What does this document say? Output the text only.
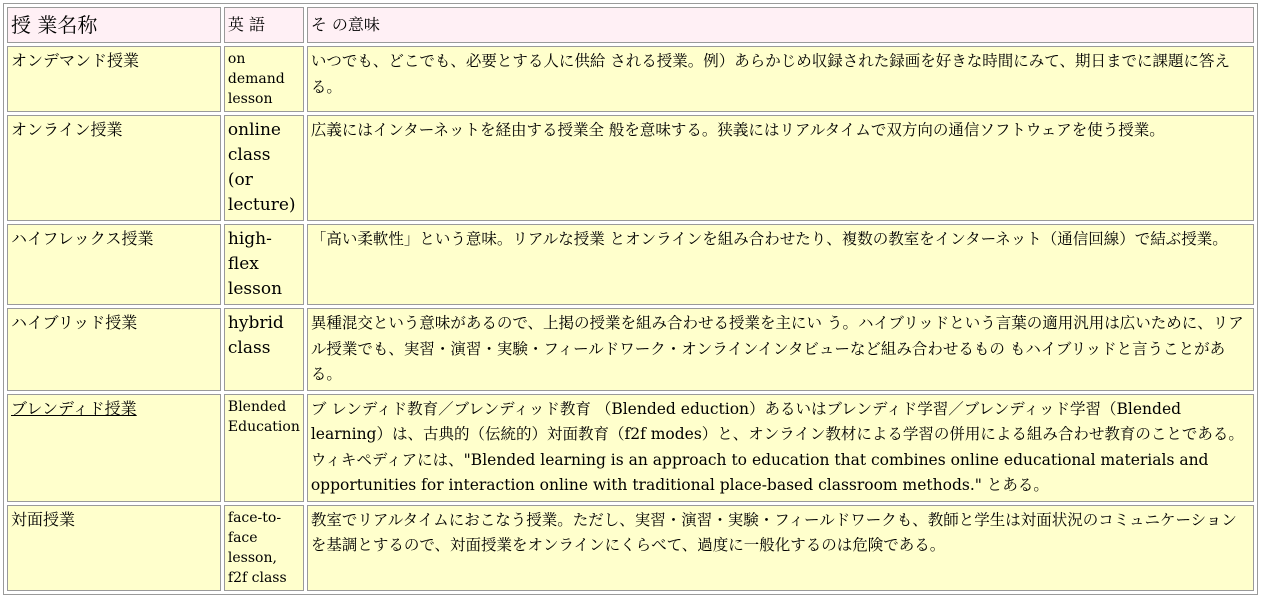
授 業名称	英 語	そ の意味
オンデマンド授業	on demand lesson	いつでも、どこでも、必要とする人に供給 される授業。例）あらかじめ収録された録画を好きな時間にみて、期日までに課題に答える。
オンライン授業	online class (or lecture)	広義にはインターネットを経由する授業全 般を意味する。狭義にはリアルタイムで双方向の通信ソフトウェアを使う授業。
ハイフレックス授業	high-flex lesson	「高い柔軟性」という意味。リアルな授業 とオンラインを組み合わせたり、複数の教室をインターネット（通信回線）で結ぶ授業。
ハイブリッド授業	hybrid class	異種混交という意味があるので、上掲の授業を組み合わせる授業を主にい う。ハイブリッドという言葉の適用汎用は広いために、リアル授業でも、実習・演習・実験・フィールドワーク・オンラインインタビューなど組み合わせるもの もハイブリッドと言うことがある。
ブレンディド授業	Blended Education	ブ レンディド教育／ブレンディッド教育 （Blended eduction）あるいはブレンディド学習／ブレンディッド学習（Blended learning）は、古典的（伝統的）対面教育（f2f modes）と、オンライン教材による学習の併用による組み合わせ教育のことである。ウィキペディアには、"Blended learning is an approach to education that combines online educational materials and opportunities for interaction online with traditional place-based classroom methods." とある。
対面授業	face-to-face lesson, f2f class	教室でリアルタイムにおこなう授業。ただし、実習・演習・実験・フィールドワークも、教師と学生は対面状況のコミュニケーションを基調とするので、対面授業をオンラインにくらべて、過度に一般化するのは危険である。
